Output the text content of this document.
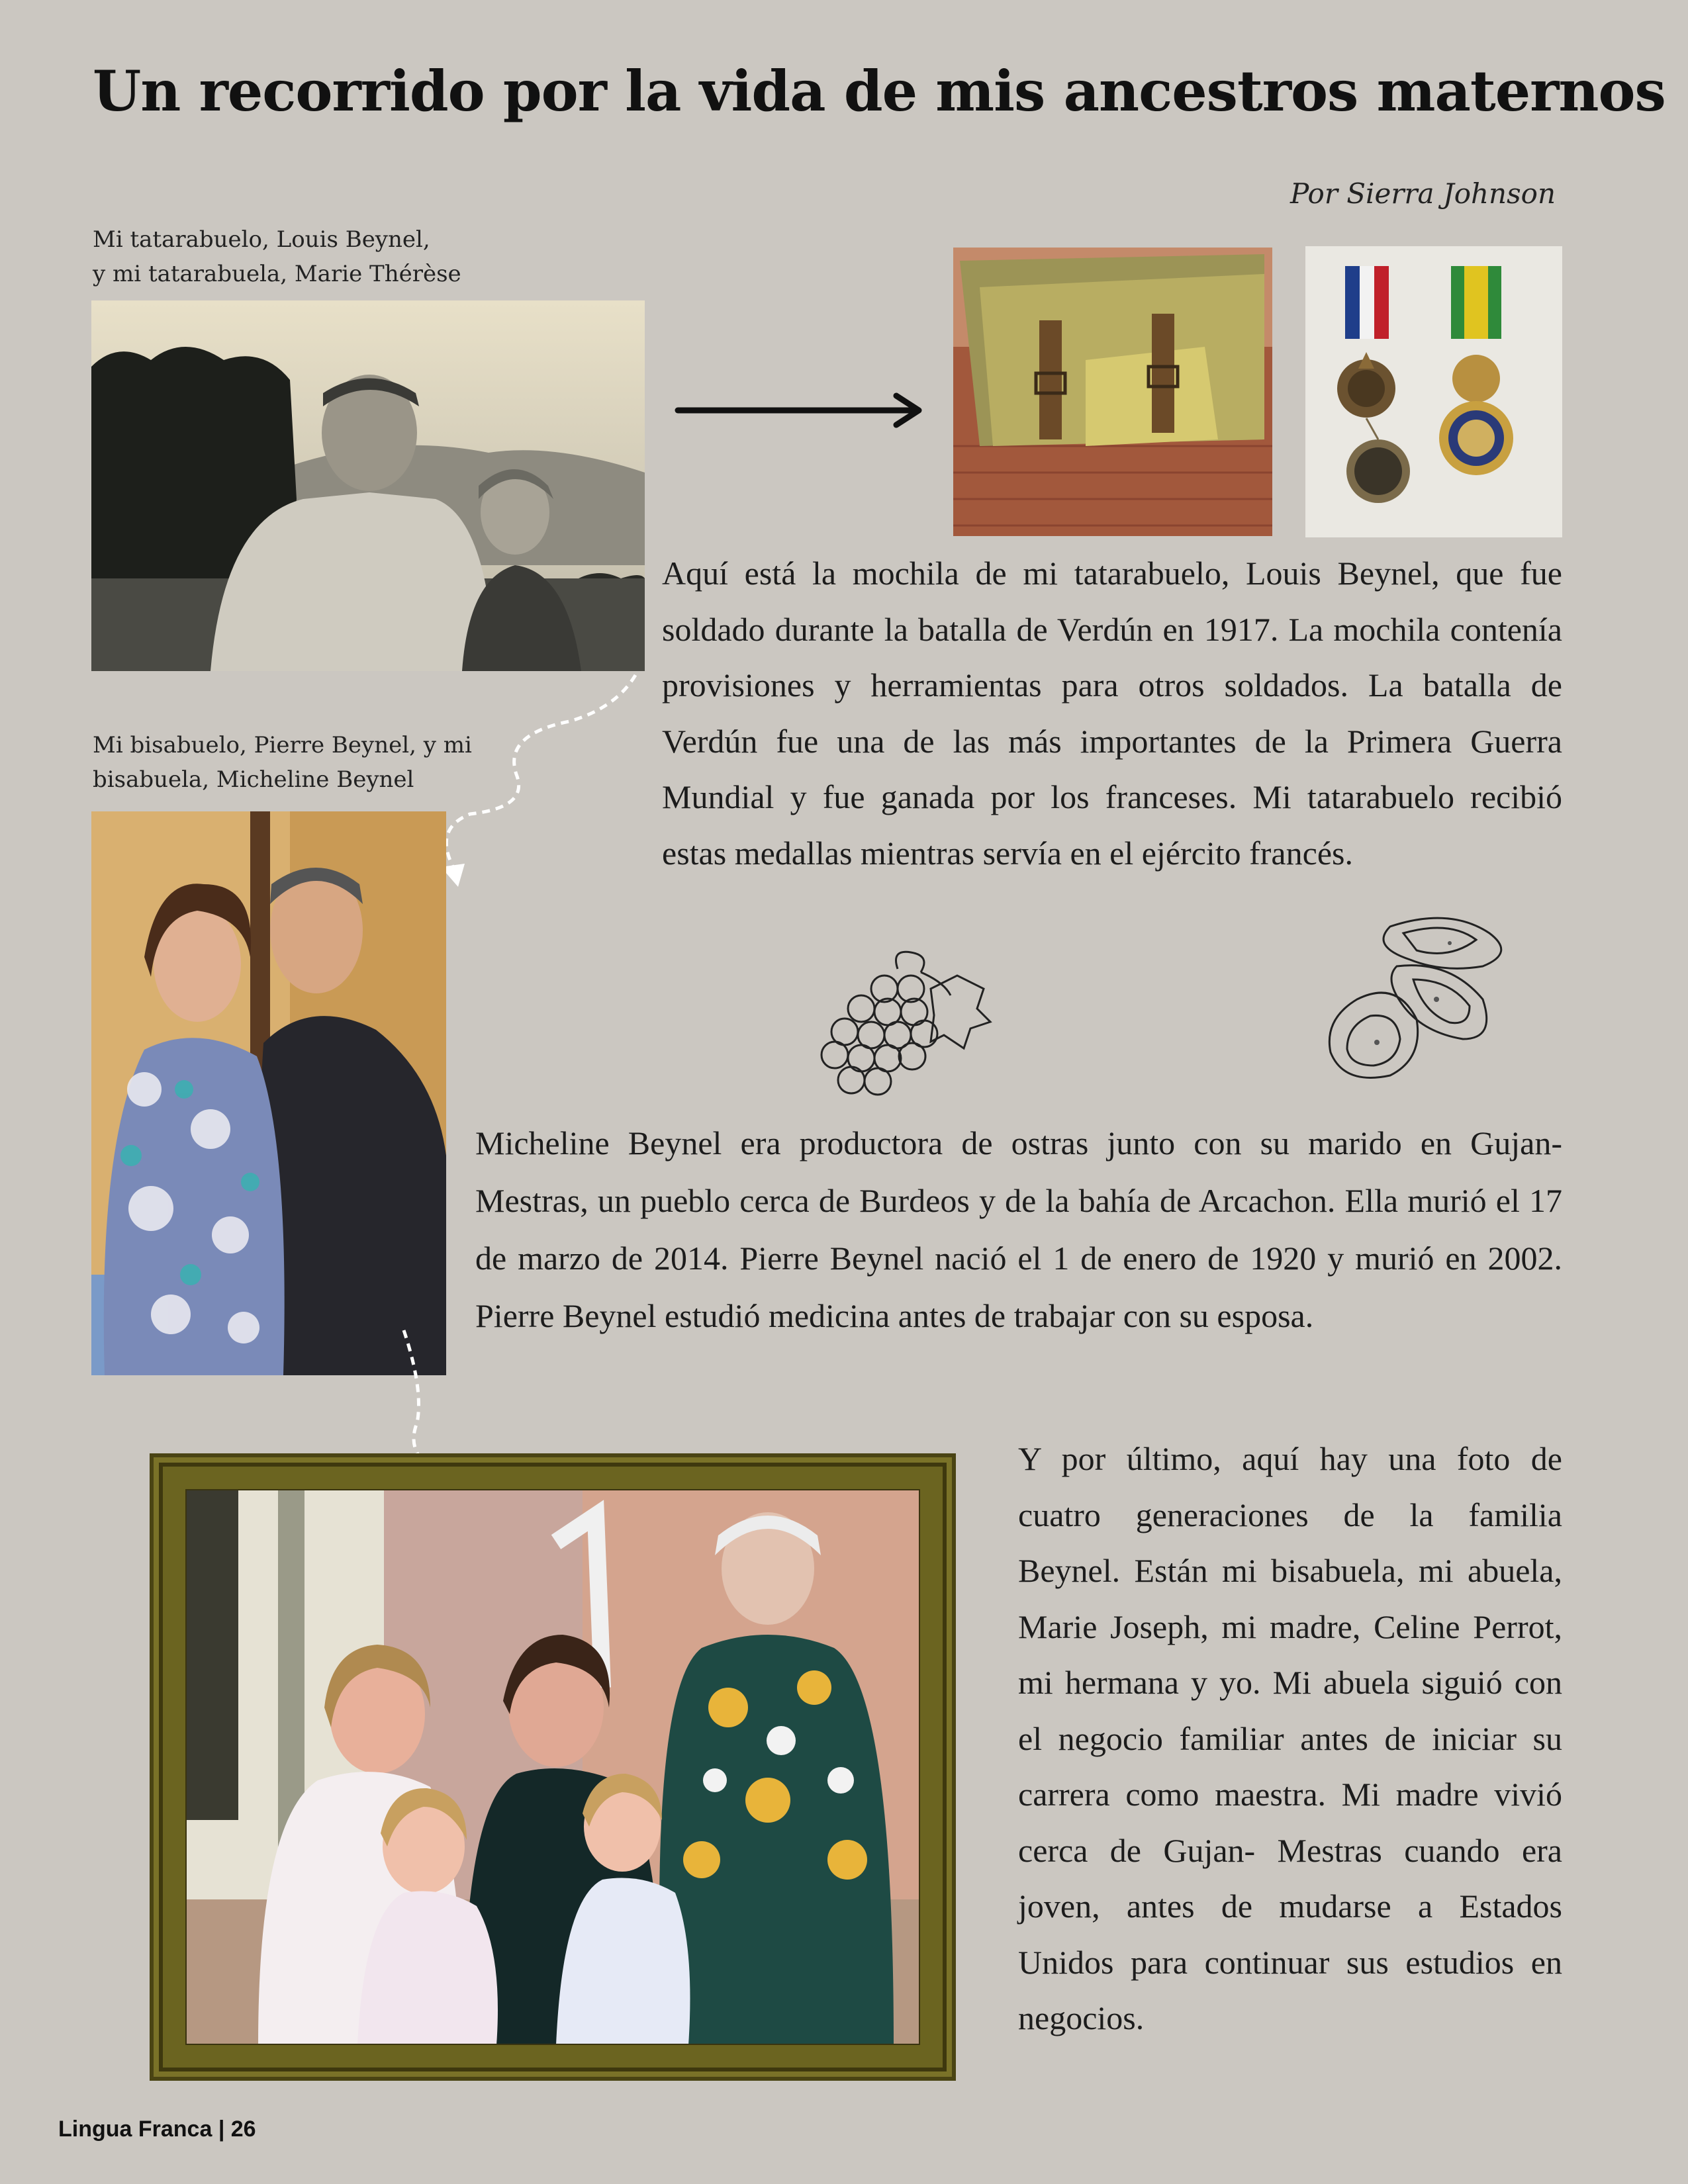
Un recorrido por la vida de mis ancestros maternos
Por Sierra Johnson
Mi tatarabuelo, Louis Beynel,
y mi tatarabuela, Marie Thérèse
Aquí está la mochila de mi tatarabuelo, Louis Beynel, que fue soldado durante la batalla de Verdún en 1917. La mochila contenía provisiones y herramientas para otros soldados. La batalla de Verdún fue una de las más importantes de la Primera Guerra Mundial y fue ganada por los franceses. Mi tatarabuelo recibió estas medallas mientras servía en el ejército francés.
Mi bisabuelo, Pierre Beynel, y mi
bisabuela, Micheline Beynel
Micheline Beynel era productora de ostras junto con su marido en Gujan- Mestras, un pueblo cerca de Burdeos y de la bahía de Arcachon. Ella murió el 17 de marzo de 2014. Pierre Beynel nació el 1 de enero de 1920 y murió en 2002. Pierre Beynel estudió medicina antes de trabajar con su esposa.
Y por último, aquí hay una foto de cuatro generaciones de la familia Beynel. Están mi bisabuela, mi abuela, Marie Joseph, mi madre, Celine Perrot, mi hermana y yo. Mi abuela siguió con el negocio familiar antes de iniciar su carrera como maestra. Mi madre vivió cerca de Gujan- Mestras cuando era joven, antes de mudarse a Estados Unidos para continuar sus estudios en negocios.
Lingua Franca | 26
